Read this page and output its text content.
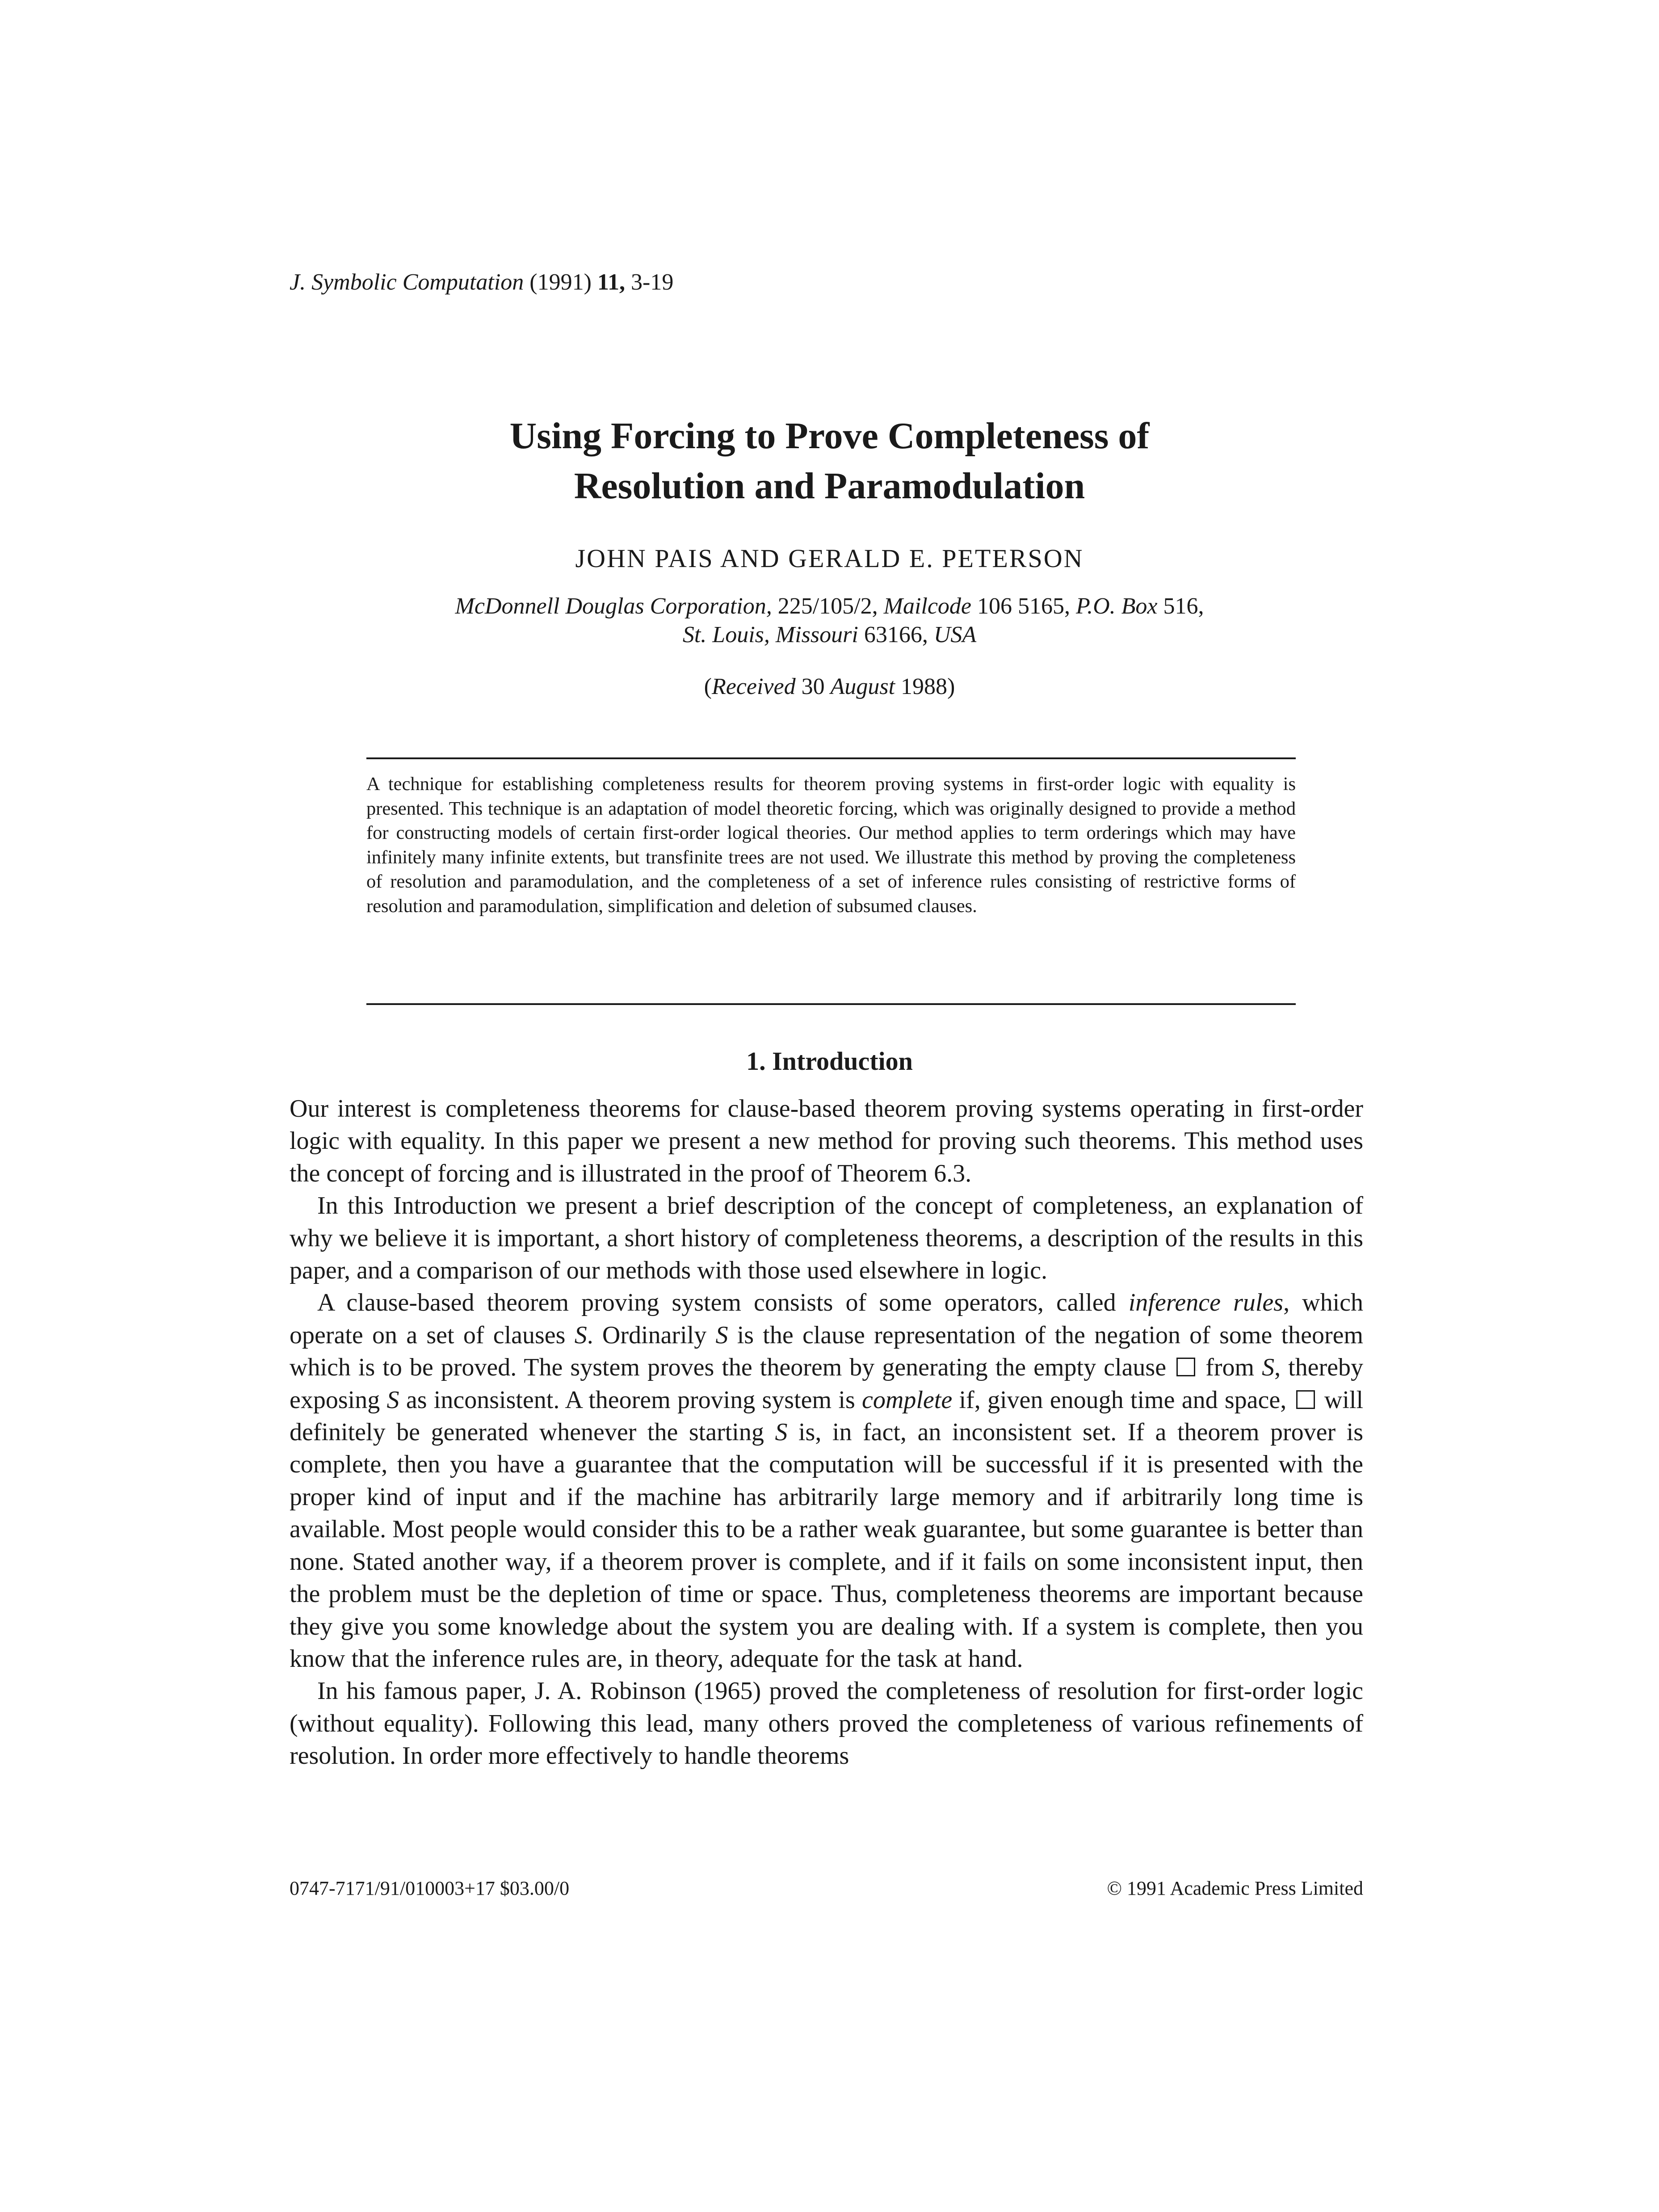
J. Symbolic Computation (1991) 11, 3-19
Using Forcing to Prove Completeness of
Resolution and Paramodulation
JOHN PAIS AND GERALD E. PETERSON
McDonnell Douglas Corporation, 225/105/2, Mailcode 106 5165, P.O. Box 516,
St. Louis, Missouri 63166, USA
(Received 30 August 1988)
A technique for establishing completeness results for theorem proving systems in first-order logic with equality is presented. This technique is an adaptation of model theoretic forcing, which was originally designed to provide a method for constructing models of certain first-order logical theories. Our method applies to term orderings which may have infinitely many infinite extents, but transfinite trees are not used. We illustrate this method by proving the completeness of resolution and paramodulation, and the completeness of a set of inference rules consisting of restrictive forms of resolution and paramodulation, simplification and deletion of subsumed clauses.
1. Introduction

Our interest is completeness theorems for clause-based theorem proving systems operating in first-order logic with equality. In this paper we present a new method for proving such theorems. This method uses the concept of forcing and is illustrated in the proof of Theorem 6.3.

In this Introduction we present a brief description of the concept of completeness, an explanation of why we believe it is important, a short history of completeness theorems, a description of the results in this paper, and a comparison of our methods with those used elsewhere in logic.

A clause-based theorem proving system consists of some operators, called inference rules, which operate on a set of clauses S. Ordinarily S is the clause representation of the negation of some theorem which is to be proved. The system proves the theorem by generating the empty clause from S, thereby exposing S as inconsistent. A theorem proving system is complete if, given enough time and space, will definitely be generated whenever the starting S is, in fact, an inconsistent set. If a theorem prover is complete, then you have a guarantee that the computation will be successful if it is presented with the proper kind of input and if the machine has arbitrarily large memory and if arbitrarily long time is available. Most people would consider this to be a rather weak guarantee, but some guarantee is better than none. Stated another way, if a theorem prover is complete, and if it fails on some inconsistent input, then the problem must be the depletion of time or space. Thus, completeness theorems are important because they give you some knowledge about the system you are dealing with. If a system is complete, then you know that the inference rules are, in theory, adequate for the task at hand.

In his famous paper, J. A. Robinson (1965) proved the completeness of resolution for first-order logic (without equality). Following this lead, many others proved the completeness of various refinements of resolution. In order more effectively to handle theorems

0747-7171/91/010003+17 $03.00/0	© 1991 Academic Press Limited
